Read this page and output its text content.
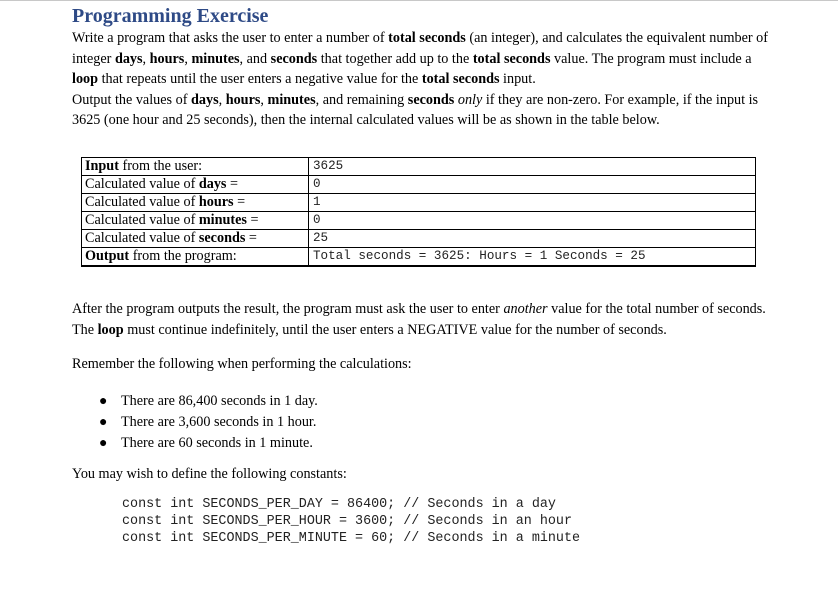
Programming Exercise

Write a program that asks the user to enter a number of total seconds (an integer), and calculates the equivalent number of integer days, hours, minutes, and seconds that together add up to the total seconds value. The program must include a loop that repeats until the user enters a negative value for the total seconds input.

Output the values of days, hours, minutes, and remaining seconds only if they are non-zero. For example, if the input is 3625 (one hour and 25 seconds), then the internal calculated values will be as shown in the table below.

Input from the user:	3625
Calculated value of days =	0
Calculated value of hours =	1
Calculated value of minutes =	0
Calculated value of seconds =	25
Output from the program:	Total seconds = 3625: Hours = 1 Seconds = 25

After the program outputs the result, the program must ask the user to enter another value for the total number of seconds. The loop must continue indefinitely, until the user enters a NEGATIVE value for the number of seconds.

Remember the following when performing the calculations:

● There are 86,400 seconds in 1 day.
● There are 3,600 seconds in 1 hour.
● There are 60 seconds in 1 minute.

You may wish to define the following constants:

const int SECONDS_PER_DAY = 86400; // Seconds in a day
const int SECONDS_PER_HOUR = 3600; // Seconds in an hour
const int SECONDS_PER_MINUTE = 60; // Seconds in a minute
